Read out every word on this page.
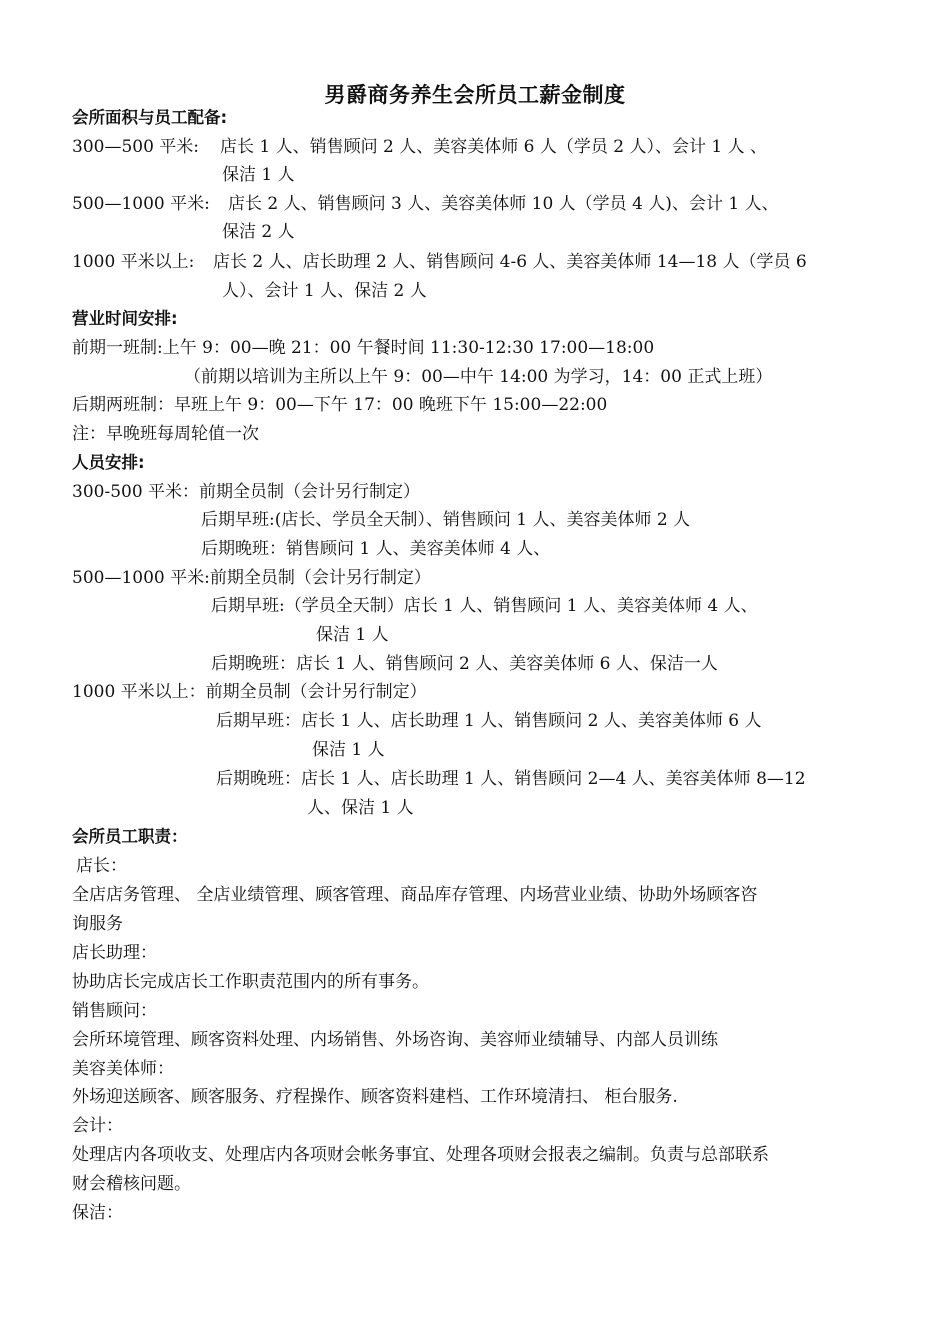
男爵商务养生会所员工薪金制度
会所面积与员工配备:
300—500 平米: 店长 1 人、销售顾问 2 人、美容美体师 6 人（学员 2 人）、会计 1 人 、
保洁 1 人
500—1000 平米: 店长 2 人、销售顾问 3 人、美容美体师 10 人（学员 4 人)、会计 1 人、
保洁 2 人
1000 平米以上: 店长 2 人、店长助理 2 人、销售顾问 4-6 人、美容美体师 14—18 人（学员 6
人）、会计 1 人、保洁 2 人
营业时间安排:
前期一班制:上午 9：00—晚 21：00 午餐时间 11:30-12:30 17:00—18:00
（前期以培训为主所以上午 9：00—中午 14:00 为学习，14：00 正式上班）
后期两班制：早班上午 9：00—下午 17：00 晚班下午 15:00—22:00
注：早晚班每周轮值一次
人员安排:
300-500 平米：前期全员制（会计另行制定）
后期早班:(店长、学员全天制）、销售顾问 1 人、美容美体师 2 人
后期晚班：销售顾问 1 人、美容美体师 4 人、
500—1000 平米:前期全员制（会计另行制定）
后期早班:（学员全天制）店长 1 人、销售顾问 1 人、美容美体师 4 人、
保洁 1 人
后期晚班：店长 1 人、销售顾问 2 人、美容美体师 6 人、保洁一人
1000 平米以上：前期全员制（会计另行制定）
后期早班：店长 1 人、店长助理 1 人、销售顾问 2 人、美容美体师 6 人
保洁 1 人
后期晚班：店长 1 人、店长助理 1 人、销售顾问 2—4 人、美容美体师 8—12
人、保洁 1 人
会所员工职责：
店长：
全店店务管理、 全店业绩管理、顾客管理、商品库存管理、内场营业业绩、协助外场顾客咨
询服务
店长助理：
协助店长完成店长工作职责范围内的所有事务。
销售顾问：
会所环境管理、顾客资料处理、内场销售、外场咨询、美容师业绩辅导、内部人员训练
美容美体师：
外场迎送顾客、顾客服务、疗程操作、顾客资料建档、工作环境清扫、 柜台服务.
会计：
处理店内各项收支、处理店内各项财会帐务事宜、处理各项财会报表之编制。负责与总部联系
财会稽核问题。
保洁：
